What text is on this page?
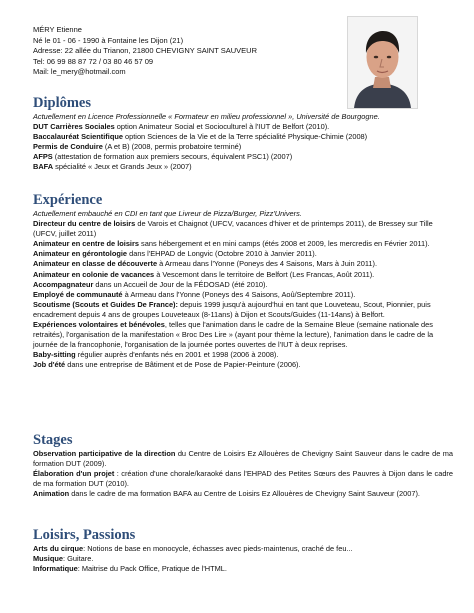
MÉRY Etienne
Né le 01 - 06 - 1990 à Fontaine les Dijon (21)
Adresse: 22 allée du Trianon, 21800 CHEVIGNY SAINT SAUVEUR
Tel: 06 99 88 87 72 / 03 80 46 57 09
Mail: le_mery@hotmail.com
Diplômes

Actuellement en Licence Professionnelle « Formateur en milieu professionnel », Université de Bourgogne.

DUT Carrières Sociales option Animateur Social et Socioculturel à l'IUT de Belfort (2010).

Baccalauréat Scientifique option Sciences de la Vie et de la Terre spécialité Physique-Chimie (2008)

Permis de Conduire (A et B) (2008, permis probatoire terminé)

AFPS (attestation de formation aux premiers secours, équivalent PSC1) (2007)

BAFA spécialité « Jeux et Grands Jeux » (2007)

Expérience

Actuellement embauché en CDI en tant que Livreur de Pizza/Burger, Pizz'Univers.

Directeur du centre de loisirs de Varois et Chaignot (UFCV, vacances d'hiver et de printemps 2011), de Bressey sur Tille (UFCV, juillet 2011)

Animateur en centre de loisirs sans hébergement et en mini camps (étés 2008 et 2009, les mercredis en Février 2011).

Animateur en gérontologie dans l'EHPAD de Longvic (Octobre 2010 à Janvier 2011).

Animateur en classe de découverte à Armeau dans l'Yonne (Poneys des 4 Saisons, Mars à Juin 2011).

Animateur en colonie de vacances à Vescemont dans le territoire de Belfort (Les Francas, Août 2011).

Accompagnateur dans un Accueil de Jour de la FÉDOSAD (été 2010).

Employé de communauté à Armeau dans l'Yonne (Poneys des 4 Saisons, Aoû/Septembre 2011).

Scoutisme (Scouts et Guides De France): depuis 1999 jusqu'à aujourd'hui en tant que Louveteau, Scout, Pionnier, puis encadrement depuis 4 ans de groupes Louveteaux (8-11ans) à Dijon et Scouts/Guides (11-14ans) à Belfort.

Expériences volontaires et bénévoles, telles que l'animation dans le cadre de la Semaine Bleue (semaine nationale des retraités), l'organisation de la manifestation « Broc Des Lire » (ayant pour thème la lecture), l'animation dans le cadre de la journée de la francophonie, l'organisation de la journée portes ouvertes de l'IUT à deux reprises.

Baby-sitting régulier auprès d'enfants nés en 2001 et 1998 (2006 à 2008).

Job d'été dans une entreprise de Bâtiment et de Pose de Papier-Peinture (2006).

Stages

Observation participative de la direction du Centre de Loisirs Ez Allouères de Chevigny Saint Sauveur dans le cadre de ma formation DUT (2009).

Élaboration d'un projet : création d'une chorale/karaoké dans l'EHPAD des Petites Sœurs des Pauvres à Dijon dans le cadre de ma formation DUT (2010).

Animation dans le cadre de ma formation BAFA au Centre de Loisirs Ez Allouères de Chevigny Saint Sauveur (2007).

Loisirs, Passions

Arts du cirque: Notions de base en monocycle, échasses avec pieds-maintenus, craché de feu...

Musique: Guitare.

Informatique: Maitrise du Pack Office, Pratique de l'HTML.
